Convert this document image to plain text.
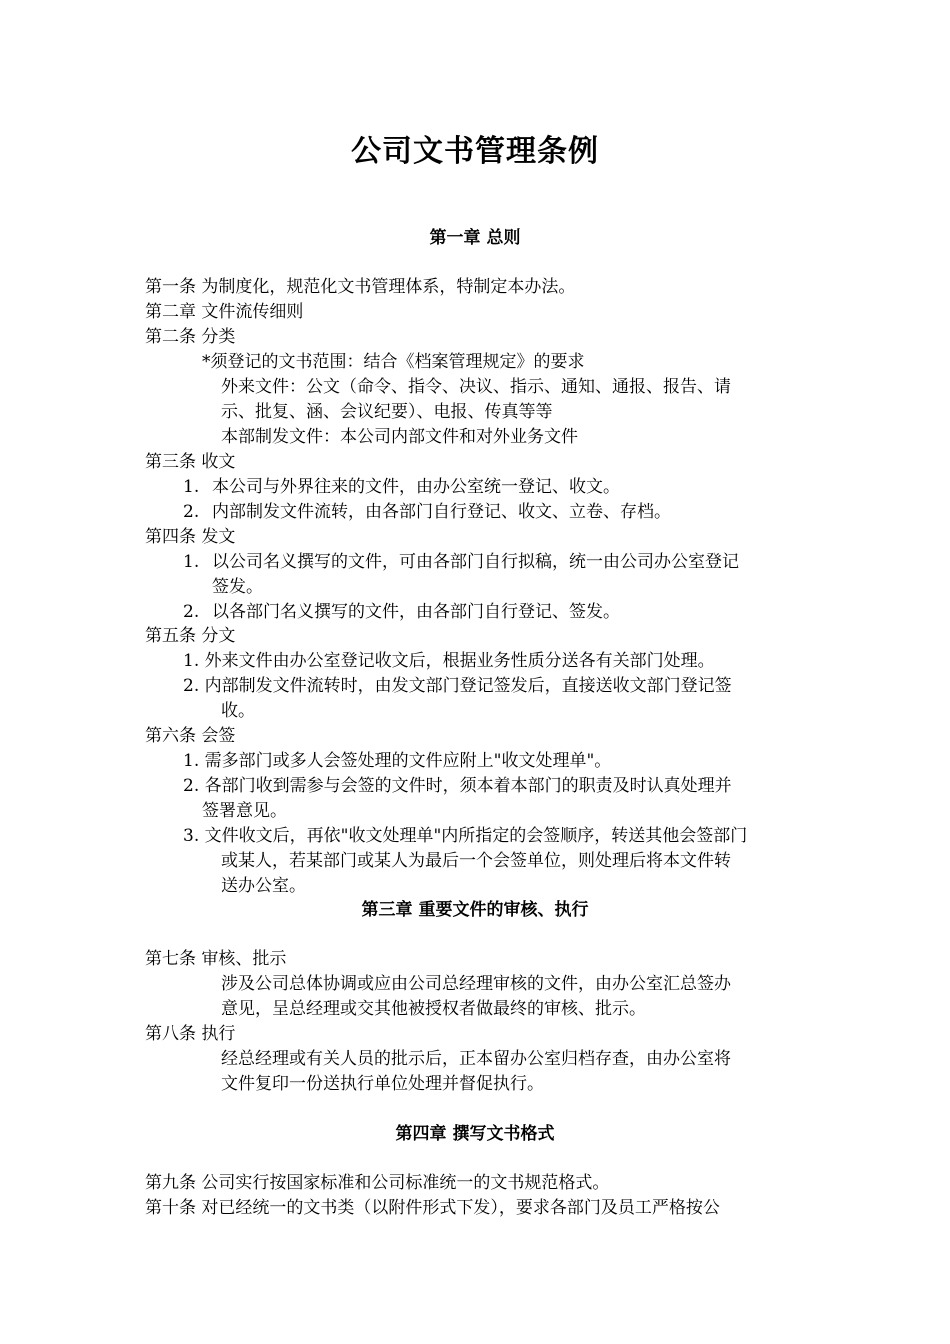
公司文书管理条例
第一章 总则
第一条 为制度化，规范化文书管理体系，特制定本办法。
第二章 文件流传细则
第二条 分类
*须登记的文书范围：结合《档案管理规定》的要求
外来文件：公文（命令、指令、决议、指示、通知、通报、报告、请
示、批复、涵、会议纪要）、电报、传真等等
本部制发文件：本公司内部文件和对外业务文件
第三条 收文
1. 本公司与外界往来的文件，由办公室统一登记、收文。
2. 内部制发文件流转，由各部门自行登记、收文、立卷、存档。
第四条 发文
1. 以公司名义撰写的文件，可由各部门自行拟稿，统一由公司办公室登记
签发。
2. 以各部门名义撰写的文件，由各部门自行登记、签发。
第五条 分文
1. 外来文件由办公室登记收文后，根据业务性质分送各有关部门处理。
2. 内部制发文件流转时，由发文部门登记签发后，直接送收文部门登记签
收。
第六条 会签
1. 需多部门或多人会签处理的文件应附上"收文处理单"。
2. 各部门收到需参与会签的文件时，须本着本部门的职责及时认真处理并
签署意见。
3. 文件收文后，再依"收文处理单"内所指定的会签顺序，转送其他会签部门
或某人，若某部门或某人为最后一个会签单位，则处理后将本文件转
送办公室。
第三章 重要文件的审核、执行
第七条 审核、批示
涉及公司总体协调或应由公司总经理审核的文件，由办公室汇总签办
意见，呈总经理或交其他被授权者做最终的审核、批示。
第八条 执行
经总经理或有关人员的批示后，正本留办公室归档存查，由办公室将
文件复印一份送执行单位处理并督促执行。
第四章 撰写文书格式
第九条 公司实行按国家标准和公司标准统一的文书规范格式。
第十条 对已经统一的文书类（以附件形式下发），要求各部门及员工严格按公
